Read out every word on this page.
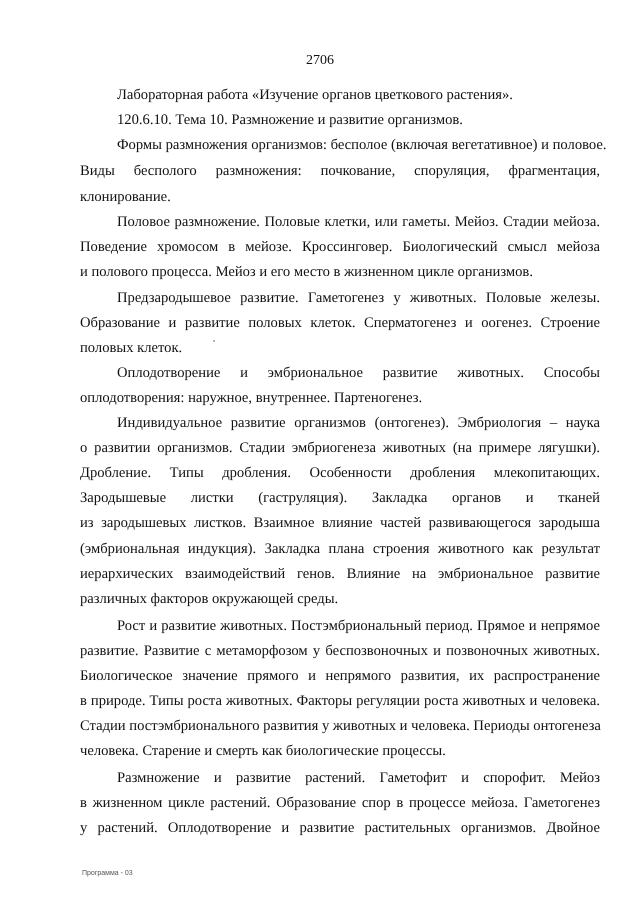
2706
Лабораторная работа «Изучение органов цветкового растения».
120.6.10. Тема 10. Размножение и развитие организмов.
Формы размножения организмов: бесполое (включая вегетативное) и половое.
Виды бесполого размножения: почкование, споруляция, фрагментация,
клонирование.
Половое размножение. Половые клетки, или гаметы. Мейоз. Стадии мейоза.
Поведение хромосом в мейозе. Кроссинговер. Биологический смысл мейоза
и полового процесса. Мейоз и его место в жизненном цикле организмов.
Предзародышевое развитие. Гаметогенез у животных. Половые железы.
Образование и развитие половых клеток. Сперматогенез и оогенез. Строение
половых клеток.
Оплодотворение и эмбриональное развитие животных. Способы
оплодотворения: наружное, внутреннее. Партеногенез.
Индивидуальное развитие организмов (онтогенез). Эмбриология – наука
о развитии организмов. Стадии эмбриогенеза животных (на примере лягушки).
Дробление. Типы дробления. Особенности дробления млекопитающих.
Зародышевые листки (гаструляция). Закладка органов и тканей
из зародышевых листков. Взаимное влияние частей развивающегося зародыша
(эмбриональная индукция). Закладка плана строения животного как результат
иерархических взаимодействий генов. Влияние на эмбриональное развитие
различных факторов окружающей среды.
Рост и развитие животных. Постэмбриональный период. Прямое и непрямое
развитие. Развитие с метаморфозом у беспозвоночных и позвоночных животных.
Биологическое значение прямого и непрямого развития, их распространение
в природе. Типы роста животных. Факторы регуляции роста животных и человека.
Стадии постэмбрионального развития у животных и человека. Периоды онтогенеза
человека. Старение и смерть как биологические процессы.
Размножение и развитие растений. Гаметофит и спорофит. Мейоз
в жизненном цикле растений. Образование спор в процессе мейоза. Гаметогенез
у растений. Оплодотворение и развитие растительных организмов. Двойное
Программа - 03
